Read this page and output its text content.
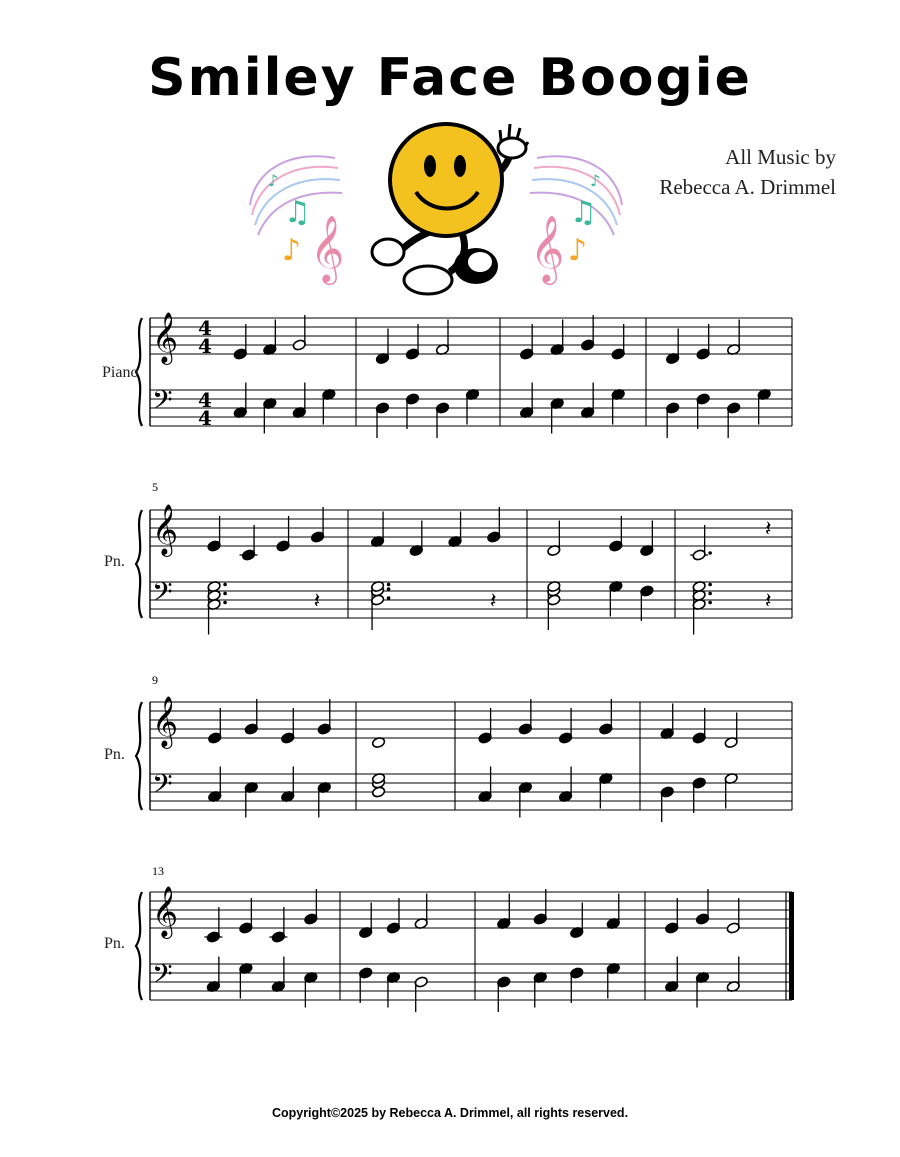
Smiley Face Boogie
𝄞
♪
♫
♪
𝄞 ♪
♫
♪
All Music by
Rebecca A. Drimmel
𝄞
𝄢
4
4
4
4
𝄞
𝄢
𝄽
𝄽	𝄽	𝄽
𝄞
𝄢
𝄞
𝄢
Piano
Pn.
Pn.
Pn.
5
9
13
Copyright©2025 by Rebecca A. Drimmel, all rights reserved.
